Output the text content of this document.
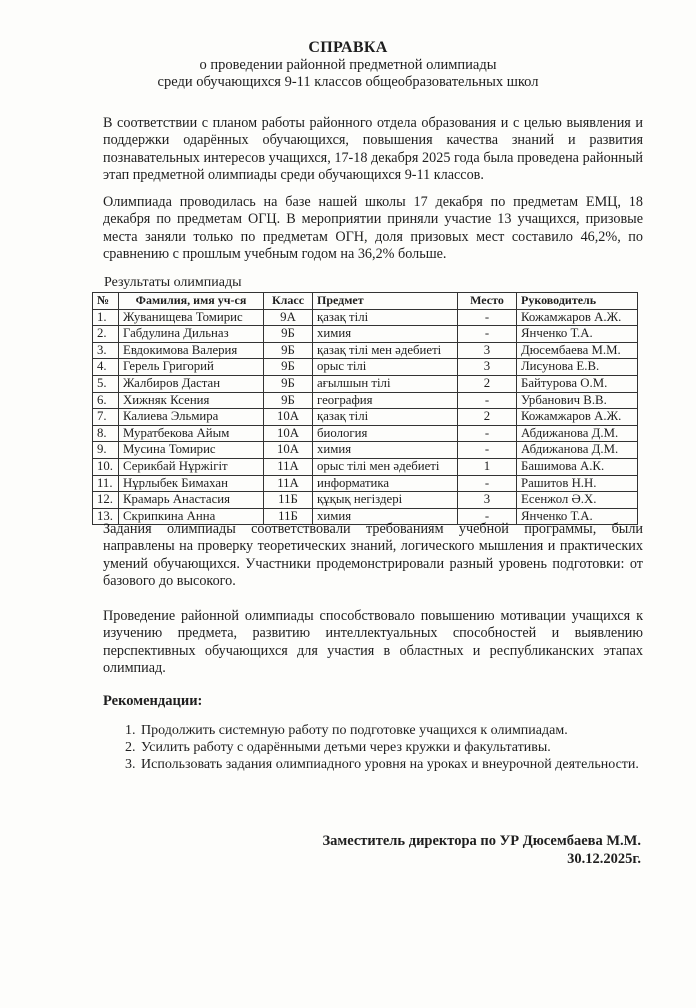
СПРАВКА
о проведении районной предметной олимпиады
среди обучающихся 9-11 классов общеобразовательных школ
В соответствии с планом работы районного отдела образования и с целью выявления и поддержки одарённых обучающихся, повышения качества знаний и развития познавательных интересов учащихся, 17-18 декабря 2025 года была проведена районный этап предметной олимпиады среди обучающихся 9-11 классов.
Олимпиада проводилась на базе нашей школы 17 декабря по предметам ЕМЦ, 18 декабря по предметам ОГЦ. В мероприятии приняли участие 13 учащихся, призовые места заняли только по предметам ОГН, доля призовых мест составило 46,2%, по сравнению с прошлым учебным годом на 36,2% больше.
Результаты олимпиады
№	Фамилия, имя уч-ся	Класс	Предмет	Место	Руководитель
1.	Жуванищева Томирис	9А	қазақ тілі	-	Кожамжаров А.Ж.
2.	Габдулина Дильназ	9Б	химия	-	Янченко Т.А.
3.	Евдокимова Валерия	9Б	қазақ тілі мен әдебиеті	3	Дюсембаева М.М.
4.	Герель Григорий	9Б	орыс тілі	3	Лисунова Е.В.
5.	Жалбиров Дастан	9Б	ағылшын тілі	2	Байтурова О.М.
6.	Хижняк Ксения	9Б	география	-	Урбанович В.В.
7.	Калиева Эльмира	10А	қазақ тілі	2	Кожамжаров А.Ж.
8.	Муратбекова Айым	10А	биология	-	Абдижанова Д.М.
9.	Мусина Томирис	10А	химия	-	Абдижанова Д.М.
10.	Серикбай Нұржігіт	11А	орыс тілі мен әдебиеті	1	Башимова А.К.
11.	Нұрлыбек Бимахан	11А	информатика	-	Рашитов Н.Н.
12.	Крамарь Анастасия	11Б	құқық негіздері	3	Есенжол Ә.Х.
13.	Скрипкина Анна	11Б	химия	-	Янченко Т.А.
Задания олимпиады соответствовали требованиям учебной программы, были направлены на проверку теоретических знаний, логического мышления и практических умений обучающихся. Участники продемонстрировали разный уровень подготовки: от базового до высокого.
Проведение районной олимпиады способствовало повышению мотивации учащихся к изучению предмета, развитию интеллектуальных способностей и выявлению перспективных обучающихся для участия в областных и республиканских этапах олимпиад.
Рекомендации:
1. Продолжить системную работу по подготовке учащихся к олимпиадам.
2. Усилить работу с одарёнными детьми через кружки и факультативы.
3. Использовать задания олимпиадного уровня на уроках и внеурочной деятельности.
Заместитель директора по УР Дюсембаева М.М.
30.12.2025г.
